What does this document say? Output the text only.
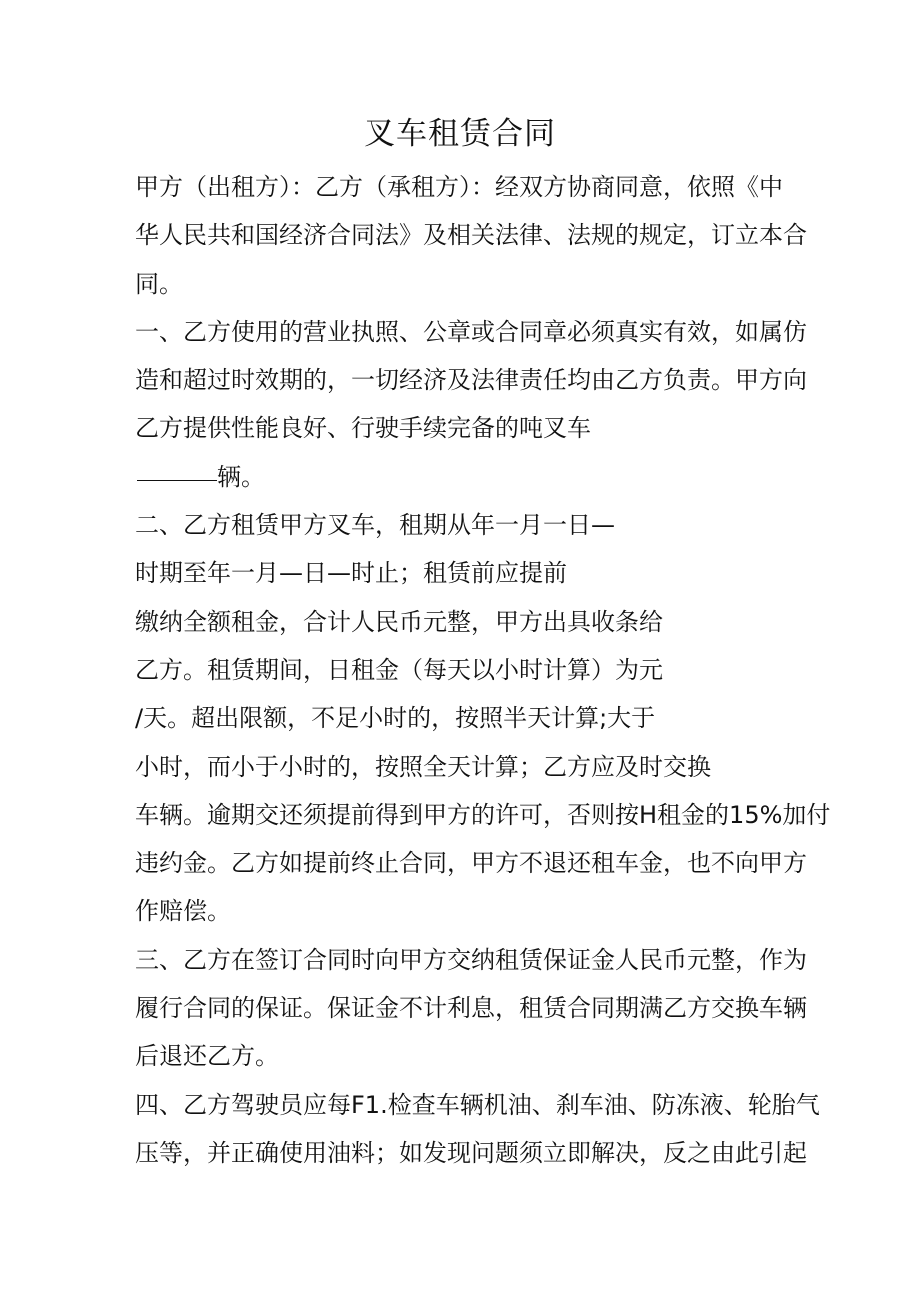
叉车租赁合同
甲方（出租方）：乙方（承租方）：经双方协商同意，依照《中
华人民共和国经济合同法》及相关法律、法规的规定，订立本合
同。
一、乙方使用的营业执照、公章或合同章必须真实有效，如属仿
造和超过时效期的，一切经济及法律责任均由乙方负责。甲方向
乙方提供性能良好、行驶手续完备的吨叉车
辆。
二、乙方租赁甲方叉车，租期从年一月一日—
时期至年一月—日—时止；租赁前应提前
缴纳全额租金，合计人民币元整，甲方出具收条给
乙方。租赁期间，日租金（每天以小时计算）为元
/天。超出限额，不足小时的，按照半天计算;大于
小时，而小于小时的，按照全天计算；乙方应及时交换
车辆。逾期交还须提前得到甲方的许可，否则按H租金的15%加付
违约金。乙方如提前终止合同，甲方不退还租车金，也不向甲方
作赔偿。
三、乙方在签订合同时向甲方交纳租赁保证金人民币元整，作为
履行合同的保证。保证金不计利息，租赁合同期满乙方交换车辆
后退还乙方。
四、乙方驾驶员应每F1.检查车辆机油、刹车油、防冻液、轮胎气
压等，并正确使用油料；如发现问题须立即解决，反之由此引起
